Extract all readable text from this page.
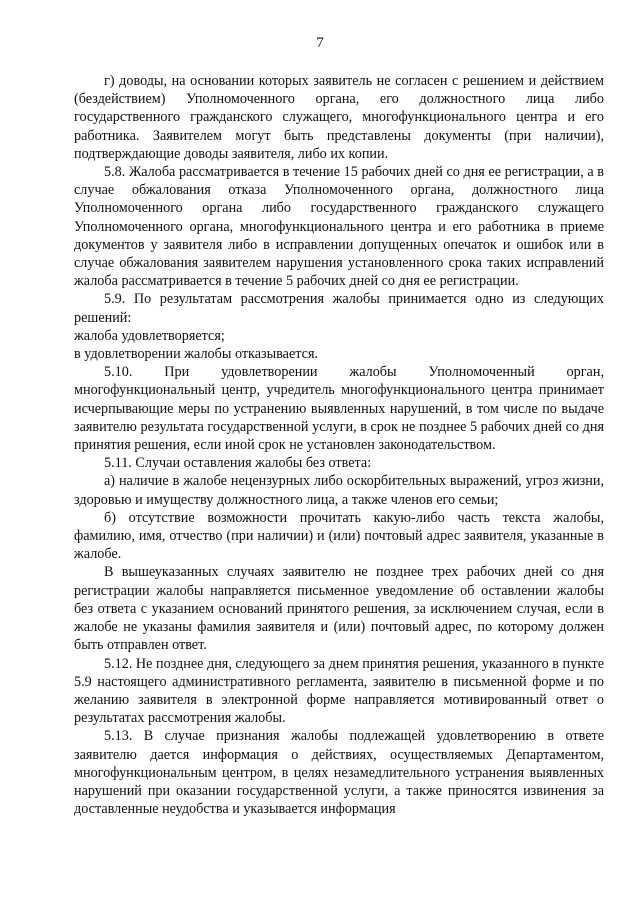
7

г) доводы, на основании которых заявитель не согласен с решением и действием (бездействием) Уполномоченного органа, его должностного лица либо государственного гражданского служащего, многофункционального центра и его работника. Заявителем могут быть представлены документы (при наличии), подтверждающие доводы заявителя, либо их копии.

5.8. Жалоба рассматривается в течение 15 рабочих дней со дня ее регистрации, а в случае обжалования отказа Уполномоченного органа, должностного лица Уполномоченного органа либо государственного гражданского служащего Уполномоченного органа, многофункционального центра и его работника в приеме документов у заявителя либо в исправлении допущенных опечаток и ошибок или в случае обжалования заявителем нарушения установленного срока таких исправлений жалоба рассматривается в течение 5 рабочих дней со дня ее регистрации.

5.9. По результатам рассмотрения жалобы принимается одно из следующих решений:

жалоба удовлетворяется;

в удовлетворении жалобы отказывается.

5.10. При удовлетворении жалобы Уполномоченный орган, многофункциональный центр, учредитель многофункционального центра принимает исчерпывающие меры по устранению выявленных нарушений, в том числе по выдаче заявителю результата государственной услуги, в срок не позднее 5 рабочих дней со дня принятия решения, если иной срок не установлен законодательством.

5.11. Случаи оставления жалобы без ответа:

а) наличие в жалобе нецензурных либо оскорбительных выражений, угроз жизни, здоровью и имуществу должностного лица, а также членов его семьи;

б) отсутствие возможности прочитать какую-либо часть текста жалобы, фамилию, имя, отчество (при наличии) и (или) почтовый адрес заявителя, указанные в жалобе.

В вышеуказанных случаях заявителю не позднее трех рабочих дней со дня регистрации жалобы направляется письменное уведомление об оставлении жалобы без ответа с указанием оснований принятого решения, за исключением случая, если в жалобе не указаны фамилия заявителя и (или) почтовый адрес, по которому должен быть отправлен ответ.

5.12. Не позднее дня, следующего за днем принятия решения, указанного в пункте 5.9 настоящего административного регламента, заявителю в письменной форме и по желанию заявителя в электронной форме направляется мотивированный ответ о результатах рассмотрения жалобы.

5.13. В случае признания жалобы подлежащей удовлетворению в ответе заявителю дается информация о действиях, осуществляемых Департаментом, многофункциональным центром, в целях незамедлительного устранения выявленных нарушений при оказании государственной услуги, а также приносятся извинения за доставленные неудобства и указывается информация
